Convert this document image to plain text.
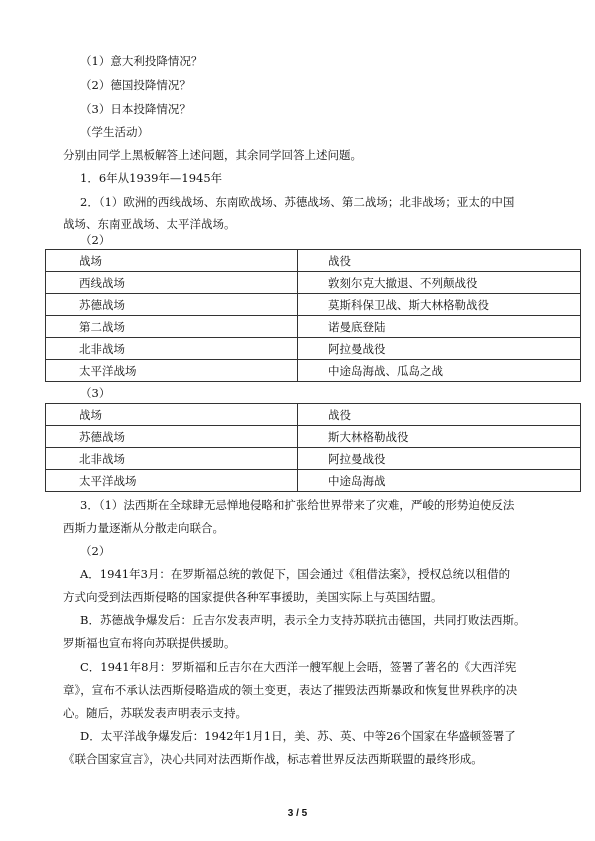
（1）意大利投降情况？
（2）德国投降情况？
（3）日本投降情况？
（学生活动）
分别由同学上黑板解答上述问题，其余同学回答上述问题。
1．6年从1939年—1945年
2．（1）欧洲的西线战场、东南欧战场、苏德战场、第二战场；北非战场；亚太的中国
战场、东南亚战场、太平洋战场。
（2）
战场	战役
西线战场	敦刻尔克大撤退、不列颠战役
苏德战场	莫斯科保卫战、斯大林格勒战役
第二战场	诺曼底登陆
北非战场	阿拉曼战役
太平洋战场	中途岛海战、瓜岛之战
（3）
战场	战役
苏德战场	斯大林格勒战役
北非战场	阿拉曼战役
太平洋战场	中途岛海战
3．（1）法西斯在全球肆无忌惮地侵略和扩张给世界带来了灾难，严峻的形势迫使反法
西斯力量逐渐从分散走向联合。
（2）
A．1941年3月：在罗斯福总统的敦促下，国会通过《租借法案》，授权总统以租借的
方式向受到法西斯侵略的国家提供各种军事援助，美国实际上与英国结盟。
B．苏德战争爆发后：丘吉尔发表声明，表示全力支持苏联抗击德国，共同打败法西斯。
罗斯福也宣布将向苏联提供援助。
C．1941年8月：罗斯福和丘吉尔在大西洋一艘军舰上会晤，签署了著名的《大西洋宪
章》，宣布不承认法西斯侵略造成的领土变更，表达了摧毁法西斯暴政和恢复世界秩序的决
心。随后，苏联发表声明表示支持。
D．太平洋战争爆发后：1942年1月1日，美、苏、英、中等26个国家在华盛顿签署了
《联合国家宣言》，决心共同对法西斯作战，标志着世界反法西斯联盟的最终形成。
3 / 5
